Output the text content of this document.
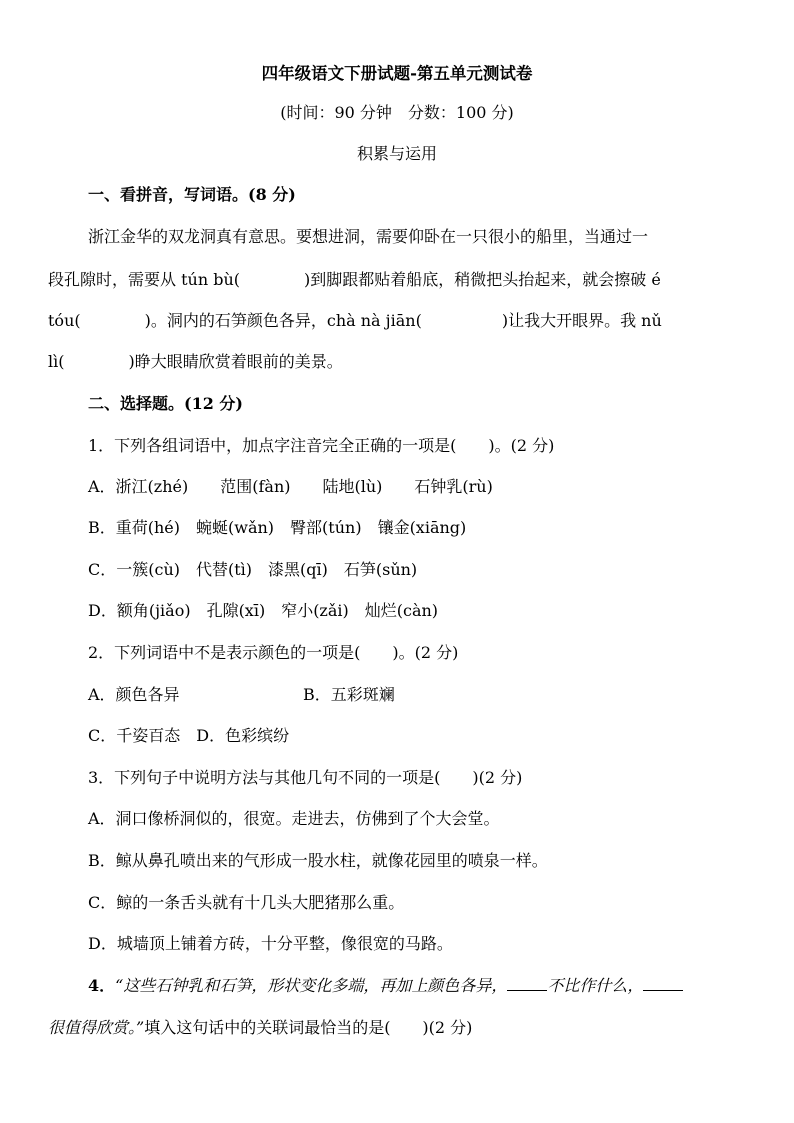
四年级语文下册试题-第五单元测试卷
(时间：90 分钟　分数：100 分)
积累与运用
一、看拼音，写词语。(8 分)
浙江金华的双龙洞真有意思。要想进洞，需要仰卧在一只很小的船里，当通过一
段孔隙时，需要从 tún bù(　　　　)到脚跟都贴着船底，稍微把头抬起来，就会擦破 é
tóu(　　　　)。洞内的石笋颜色各异，chà nà jiān(　　　　　)让我大开眼界。我 nǔ
lì(　　　　)睁大眼睛欣赏着眼前的美景。
二、选择题。(12 分)
1．下列各组词语中，加点字注音完全正确的一项是(　　)。(2 分)
A．浙江(zhé)　　范围(fàn)　　陆地(lù)　　石钟乳(rù)
B．重荷(hé)　蜿蜒(wǎn)　臀部(tún)　镶金(xiāng)
C．一簇(cù)　代替(tì)　漆黑(qī)　石笋(sǔn)
D．额角(jiǎo)　孔隙(xī)　窄小(zǎi)　灿烂(càn)
2．下列词语中不是表示颜色的一项是(　　)。(2 分)
A．颜色各异	B．五彩斑斓
C．千姿百态　D．色彩缤纷
3．下列句子中说明方法与其他几句不同的一项是(　　)(2 分)
A．洞口像桥洞似的，很宽。走进去，仿佛到了个大会堂。
B．鲸从鼻孔喷出来的气形成一股水柱，就像花园里的喷泉一样。
C．鲸的一条舌头就有十几头大肥猪那么重。
D．城墙顶上铺着方砖，十分平整，像很宽的马路。
4．“这些石钟乳和石笋，形状变化多端，再加上颜色各异，	不比作什么，
很值得欣赏。”填入这句话中的关联词最恰当的是(　　)(2 分)
